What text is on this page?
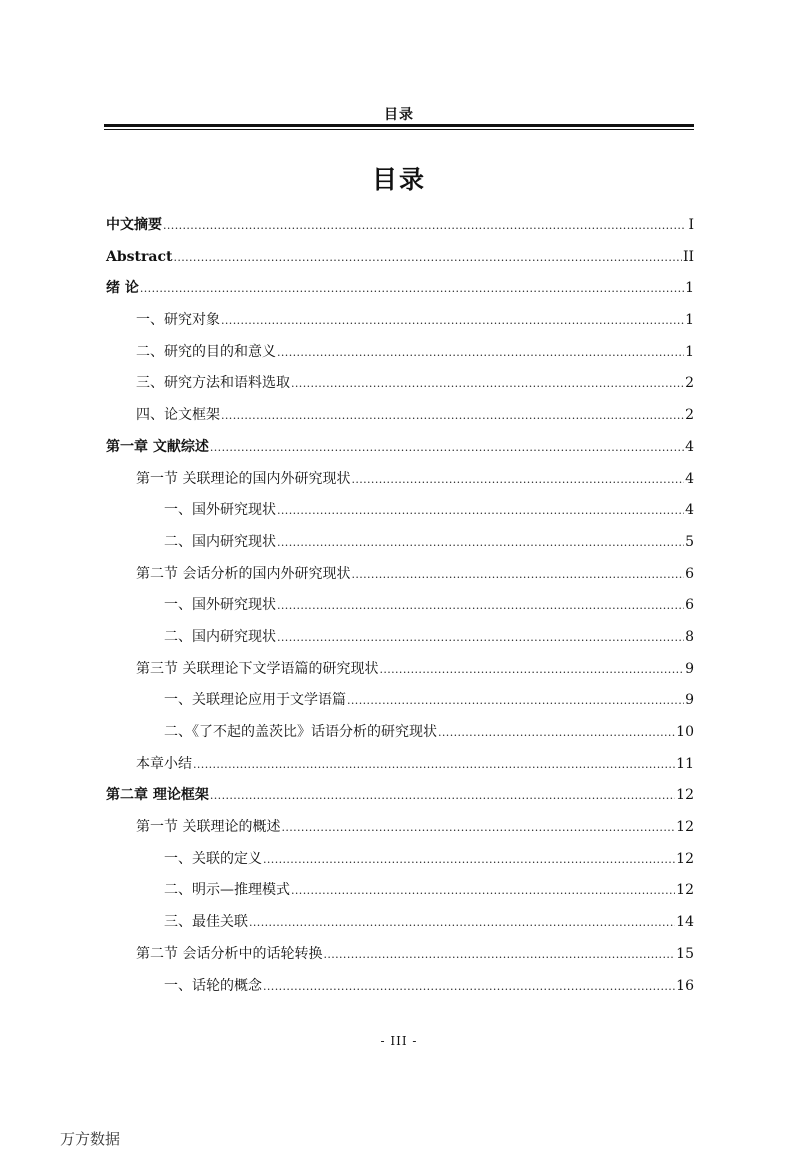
目录
目录
中文摘要 .....	I
Abstract .....	II
绪 论 .....	1
一、研究对象 .....	1
二、研究的目的和意义 .....	1
三、研究方法和语料选取 .....	2
四、论文框架 .....	2
第一章 文献综述 .....	4
第一节 关联理论的国内外研究现状 .....	4
一、国外研究现状 .....	4
二、国内研究现状 .....	5
第二节 会话分析的国内外研究现状 .....	6
一、国外研究现状 .....	6
二、国内研究现状 .....	8
第三节 关联理论下文学语篇的研究现状 .....	9
一、关联理论应用于文学语篇 .....	9
二、《了不起的盖茨比》话语分析的研究现状 .....	10
本章小结 .....	11
第二章 理论框架 .....	12
第一节 关联理论的概述 .....	12
一、关联的定义 .....	12
二、明示—推理模式 .....	12
三、最佳关联 .....	14
第二节 会话分析中的话轮转换 .....	15
一、话轮的概念 .....	16
- III -
万方数据
